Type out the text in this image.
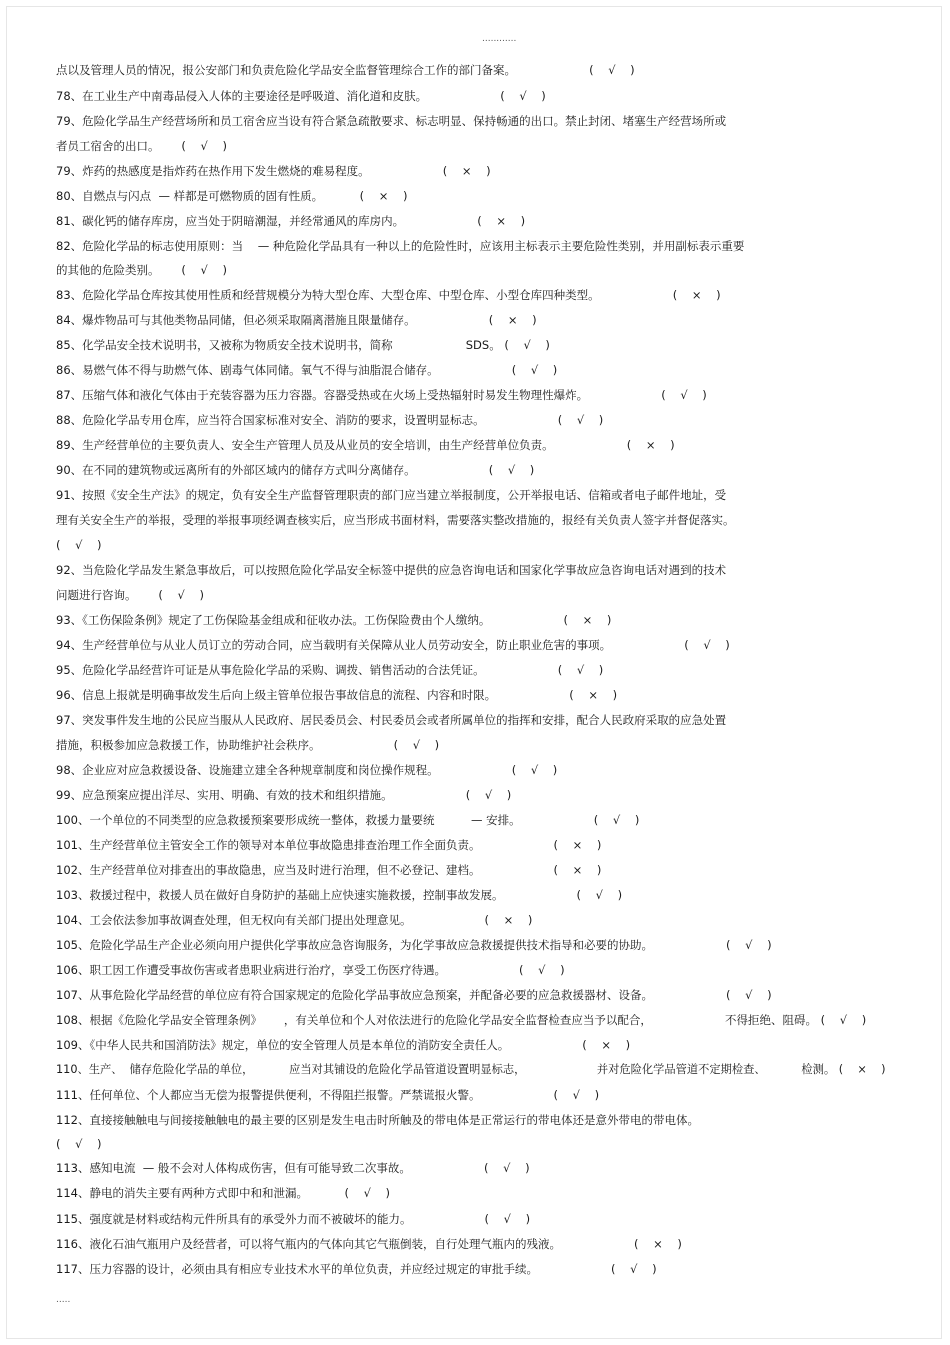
............
点以及管理人员的情况，报公安部门和负责危险化学品安全监督管理综合工作的部门备案。                    (    √    )
78、在工业生产中南毒品侵入人体的主要途径是呼吸道、消化道和皮肤。                    (    √    )
79、危险化学品生产经营场所和员工宿舍应当设有符合紧急疏散要求、标志明显、保持畅通的出口。禁止封闭、堵塞生产经营场所或
者员工宿舍的出口。      (    √    )
79、炸药的热感度是指炸药在热作用下发生燃烧的难易程度。                    (    ×    )
80、自燃点与闪点  — 样都是可燃物质的固有性质。          (    ×    )
81、碳化钙的储存库房，应当处于阴暗潮湿，并经常通风的库房内。                    (    ×    )
82、危险化学品的标志使用原则：当    — 种危险化学品具有一种以上的危险性时，应该用主标表示主要危险性类别，并用副标表示重要
的其他的危险类别。      (    √    )
83、危险化学品仓库按其使用性质和经营规模分为特大型仓库、大型仓库、中型仓库、小型仓库四种类型。                    (    ×    )
84、爆炸物品可与其他类物品同储，但必须采取隔离潜施且限量储存。                    (    ×    )
85、化学品安全技术说明书，又被称为物质安全技术说明书，简称                    SDS。 (    √    )
86、易燃气体不得与助燃气体、剧毒气体同储。氧气不得与油脂混合储存。                    (    √    )
87、压缩气体和液化气体由于充装容器为压力容器。容器受热或在火场上受热辐射时易发生物理性爆炸。                    (    √    )
88、危险化学品专用仓库，应当符合国家标准对安全、消防的要求，设置明显标志。                    (    √    )
89、生产经营单位的主要负责人、安全生产管理人员及从业员的安全培训，由生产经营单位负责。                    (    ×    )
90、在不同的建筑物或远离所有的外部区域内的储存方式叫分离储存。                    (    √    )
91、按照《安全生产法》的规定，负有安全生产监督管理职责的部门应当建立举报制度，公开举报电话、信箱或者电子邮件地址，受
理有关安全生产的举报，受理的举报事项经调查核实后，应当形成书面材料，需要落实整改措施的，报经有关负责人签字并督促落实。
(    √    )
92、当危险化学品发生紧急事故后，可以按照危险化学品安全标签中提供的应急咨询电话和国家化学事故应急咨询电话对遇到的技术
问题进行咨询。      (    √    )
93、《工伤保险条例》规定了工伤保险基金组成和征收办法。工伤保险费由个人缴纳。                    (    ×    )
94、生产经营单位与从业人员订立的劳动合同，应当载明有关保障从业人员劳动安全，防止职业危害的事项。                    (    √    )
95、危险化学品经营许可证是从事危险化学品的采购、调拨、销售活动的合法凭证。                    (    √    )
96、信息上报就是明确事故发生后向上级主管单位报告事故信息的流程、内容和时限。                    (    ×    )
97、突发事件发生地的公民应当服从人民政府、居民委员会、村民委员会或者所属单位的指挥和安排，配合人民政府采取的应急处置
措施，积极参加应急救援工作，协助维护社会秩序。                    (    √    )
98、企业应对应急救援设备、设施建立建全各种规章制度和岗位操作规程。                    (    √    )
99、应急预案应提出洋尽、实用、明确、有效的技术和组织措施。                    (    √    )
100、一个单位的不同类型的应急救援预案要形成统一整体，救援力量要统          — 安排。                    (    √    )
101、生产经营单位主管安全工作的领导对本单位事故隐患排查治理工作全面负责。                    (    ×    )
102、生产经营单位对排查出的事故隐患，应当及时进行治理，但不必登记、建档。                    (    ×    )
103、救援过程中，救援人员在做好自身防护的基础上应快速实施救援，控制事故发展。                    (    √    )
104、工会依法参加事故调查处理，但无权向有关部门提出处理意见。                    (    ×    )
105、危险化学品生产企业必须向用户提供化学事故应急咨询服务，为化学事故应急救援提供技术指导和必要的协助。                    (    √    )
106、职工因工作遭受事故伤害或者患职业病进行治疗，享受工伤医疗待遇。                    (    √    )
107、从事危险化学品经营的单位应有符合国家规定的危险化学品事故应急预案，并配备必要的应急救援器材、设备。                    (    √    )
108、根据《危险化学品安全管理条例》      ，有关单位和个人对依法进行的危险化学品安全监督检查应当予以配合，                    不得拒绝、阻碍。 (    √    )
109、《中华人民共和国消防法》规定，单位的安全管理人员是本单位的消防安全责任人。                    (    ×    )
110、生产、  储存危险化学品的单位，          应当对其铺设的危险化学品管道设置明显标志，                    并对危险化学品管道不定期检查、          检测。 (    ×    )
111、任何单位、个人都应当无偿为报警提供便利，不得阻拦报警。严禁谎报火警。                    (    √    )
112、直接接触触电与间接接触触电的最主要的区别是发生电击时所触及的带电体是正常运行的带电体还是意外带电的带电体。
(    √    )
113、感知电流  — 般不会对人体构成伤害，但有可能导致二次事故。                    (    √    )
114、静电的消失主要有两种方式即中和和泄漏。          (    √    )
115、强度就是材料或结构元件所具有的承受外力而不被破坏的能力。                    (    √    )
116、液化石油气瓶用户及经营者，可以将气瓶内的气体向其它气瓶倒装，自行处理气瓶内的残液。                    (    ×    )
117、压力容器的设计，必须由具有相应专业技术水平的单位负责，并应经过规定的审批手续。                    (    √    )
.....
